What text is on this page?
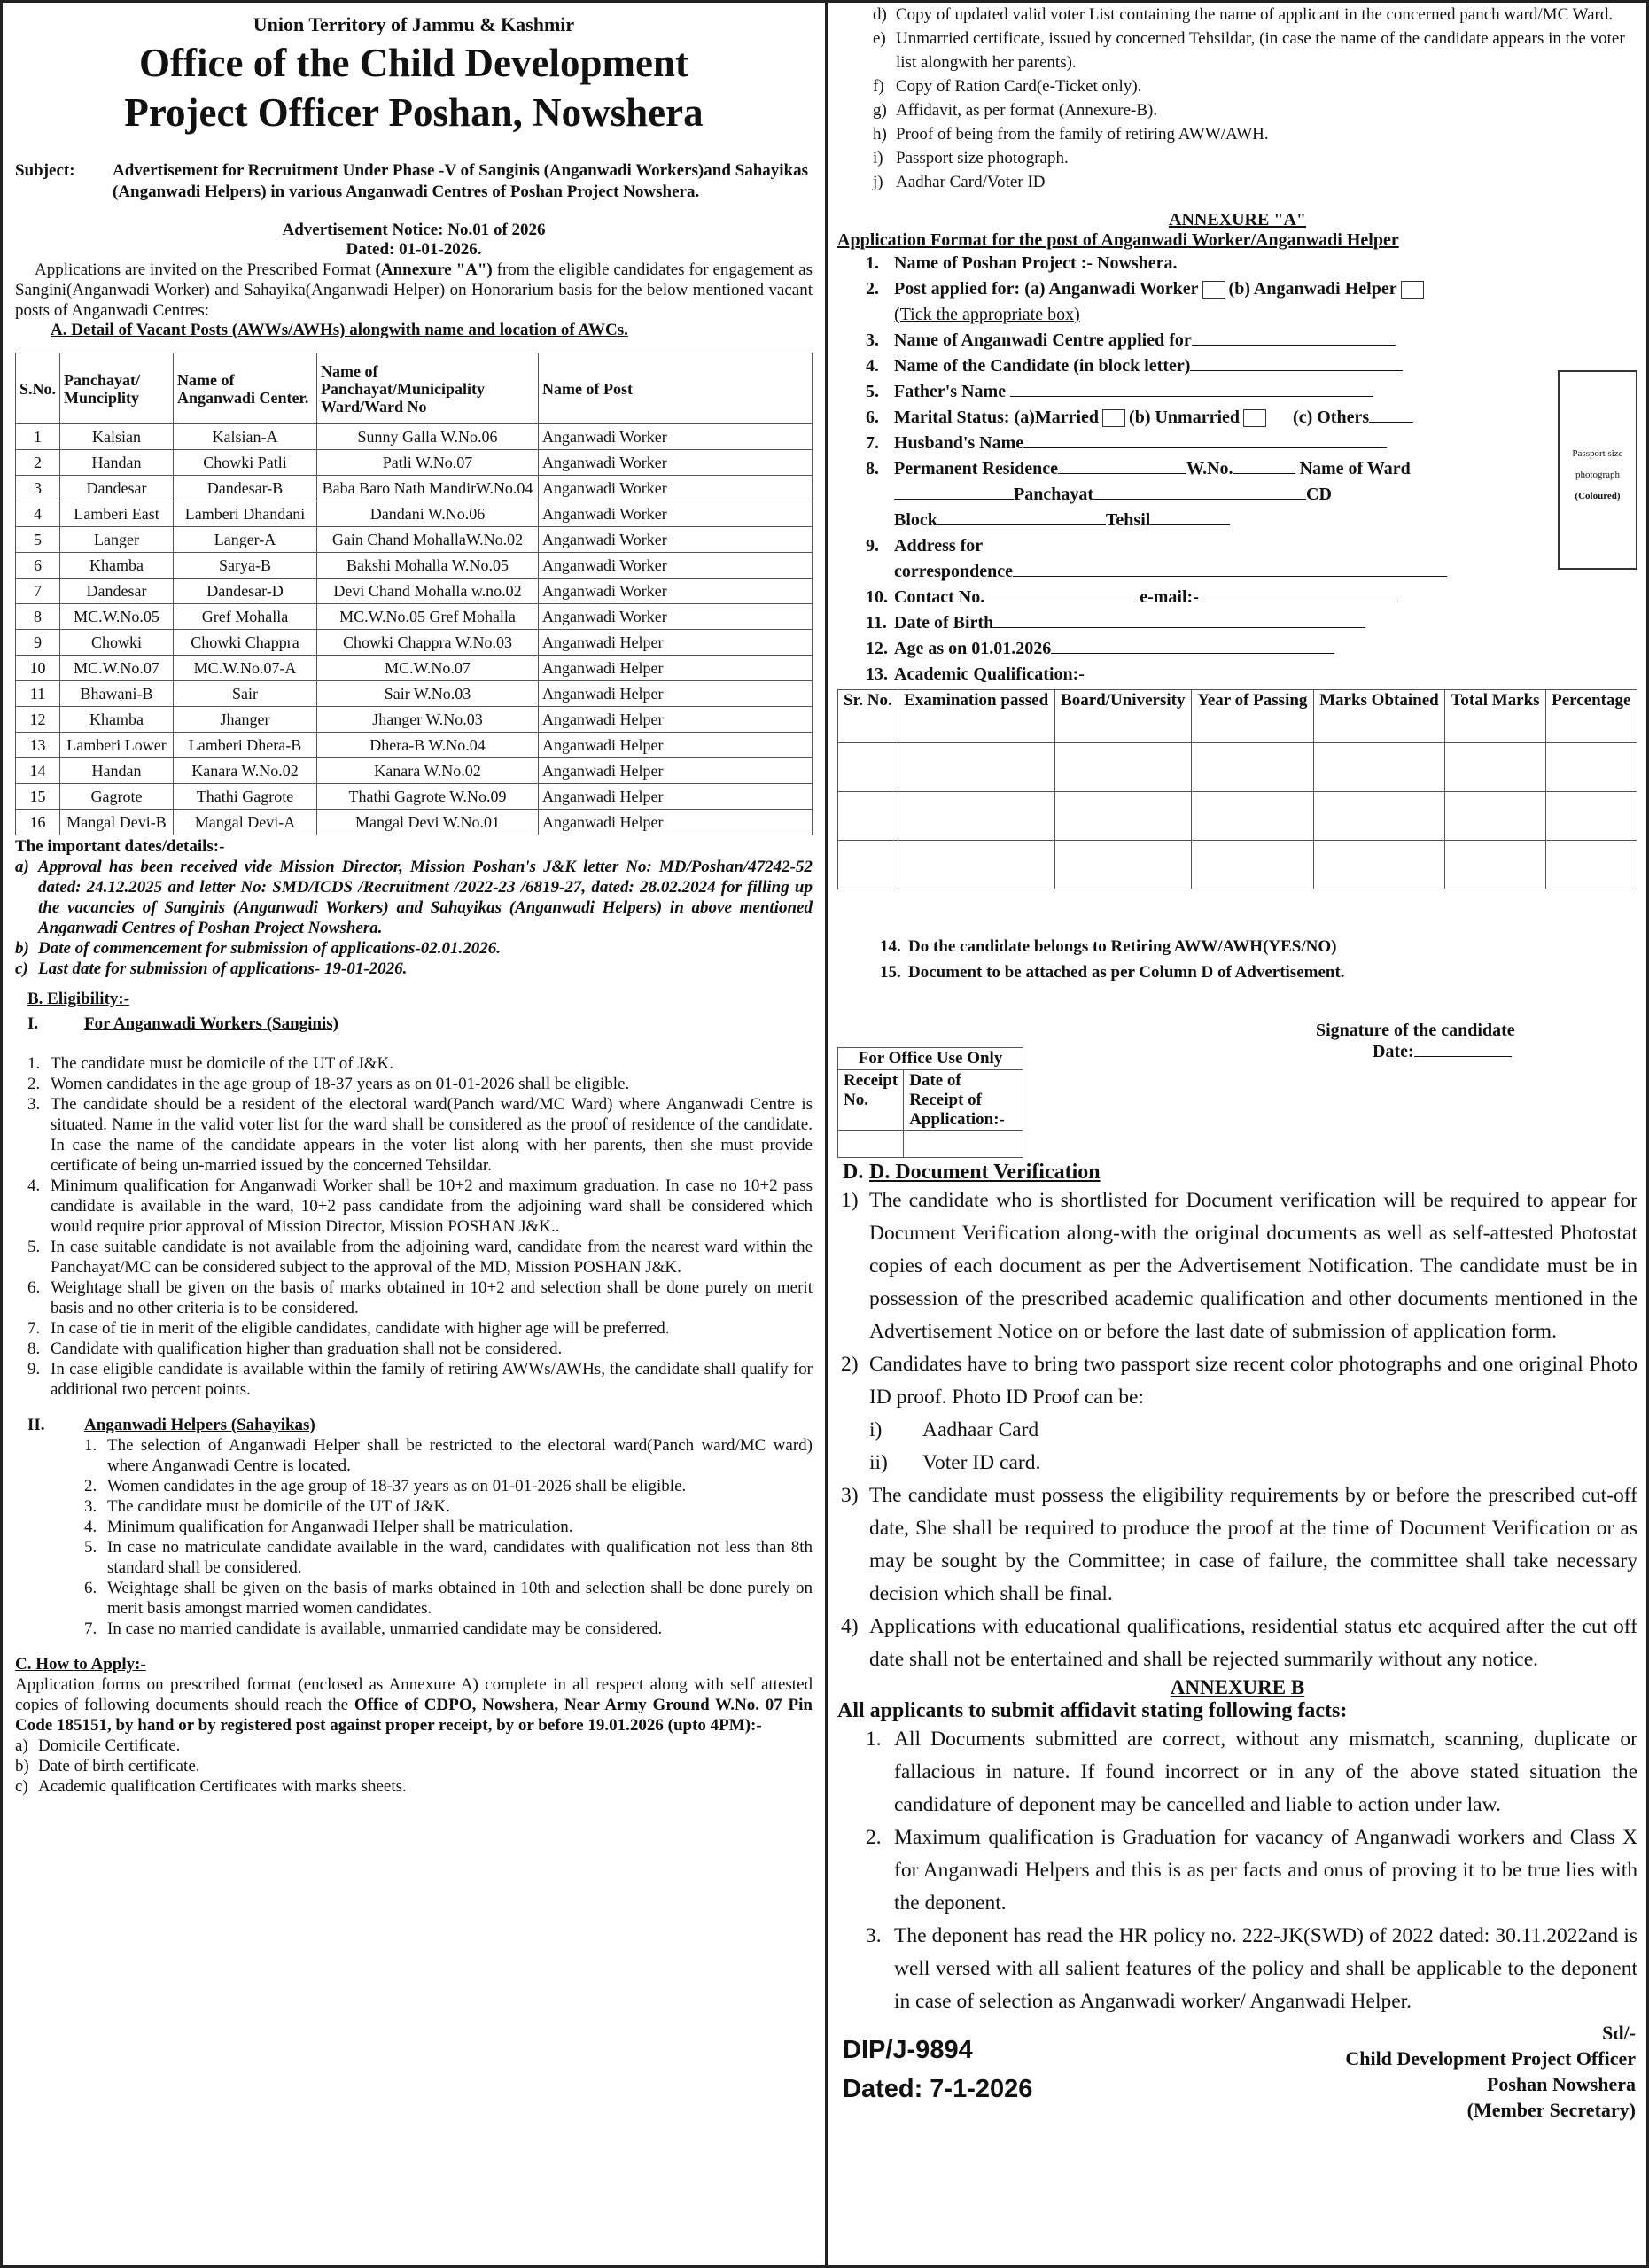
Union Territory of Jammu & Kashmir
Office of the Child Development
Project Officer Poshan, Nowshera
Subject:	Advertisement for Recruitment Under Phase -V of Sanginis (Anganwadi Workers)and Sahayikas (Anganwadi Helpers) in various Anganwadi Centres of Poshan Project Nowshera.
Advertisement Notice: No.01 of 2026
Dated: 01-01-2026.
Applications are invited on the Prescribed Format (Annexure "A") from the eligible candidates for engagement as Sangini(Anganwadi Worker) and Sahayika(Anganwadi Helper) on Honorarium basis for the below mentioned vacant posts of Anganwadi Centres:
A. Detail of Vacant Posts (AWWs/AWHs) alongwith name and location of AWCs.
S.No.	Panchayat/ Munciplity	Name of Anganwadi Center.	Name of Panchayat/Municipality Ward/Ward No	Name of Post
1	Kalsian	Kalsian-A	Sunny Galla W.No.06	Anganwadi Worker
2	Handan	Chowki Patli	Patli W.No.07	Anganwadi Worker
3	Dandesar	Dandesar-B	Baba Baro Nath MandirW.No.04	Anganwadi Worker
4	Lamberi East	Lamberi Dhandani	Dandani W.No.06	Anganwadi Worker
5	Langer	Langer-A	Gain Chand MohallaW.No.02	Anganwadi Worker
6	Khamba	Sarya-B	Bakshi Mohalla W.No.05	Anganwadi Worker
7	Dandesar	Dandesar-D	Devi Chand Mohalla w.no.02	Anganwadi Worker
8	MC.W.No.05	Gref Mohalla	MC.W.No.05 Gref Mohalla	Anganwadi Worker
9	Chowki	Chowki Chappra	Chowki Chappra W.No.03	Anganwadi Helper
10	MC.W.No.07	MC.W.No.07-A	MC.W.No.07	Anganwadi Helper
11	Bhawani-B	Sair	Sair W.No.03	Anganwadi Helper
12	Khamba	Jhanger	Jhanger W.No.03	Anganwadi Helper
13	Lamberi Lower	Lamberi Dhera-B	Dhera-B W.No.04	Anganwadi Helper
14	Handan	Kanara W.No.02	Kanara W.No.02	Anganwadi Helper
15	Gagrote	Thathi Gagrote	Thathi Gagrote W.No.09	Anganwadi Helper
16	Mangal Devi-B	Mangal Devi-A	Mangal Devi W.No.01	Anganwadi Helper
The important dates/details:-
a) Approval has been received vide Mission Director, Mission Poshan's J&K letter No: MD/Poshan/47242-52 dated: 24.12.2025 and letter No: SMD/ICDS /Recruitment /2022-23 /6819-27, dated: 28.02.2024 for filling up the vacancies of Sanginis (Anganwadi Workers) and Sahayikas (Anganwadi Helpers) in above mentioned Anganwadi Centres of Poshan Project Nowshera.
b) Date of commencement for submission of applications-02.01.2026.
c) Last date for submission of applications- 19-01-2026.
B. Eligibility:-
I.	For Anganwadi Workers (Sanginis)
1. The candidate must be domicile of the UT of J&K.
2. Women candidates in the age group of 18-37 years as on 01-01-2026 shall be eligible.
3. The candidate should be a resident of the electoral ward(Panch ward/MC Ward) where Anganwadi Centre is situated. Name in the valid voter list for the ward shall be considered as the proof of residence of the candidate. In case the name of the candidate appears in the voter list along with her parents, then she must provide certificate of being un-married issued by the concerned Tehsildar.
4. Minimum qualification for Anganwadi Worker shall be 10+2 and maximum graduation. In case no 10+2 pass candidate is available in the ward, 10+2 pass candidate from the adjoining ward shall be considered which would require prior approval of Mission Director, Mission POSHAN J&K..
5. In case suitable candidate is not available from the adjoining ward, candidate from the nearest ward within the Panchayat/MC can be considered subject to the approval of the MD, Mission POSHAN J&K.
6. Weightage shall be given on the basis of marks obtained in 10+2 and selection shall be done purely on merit basis and no other criteria is to be considered.
7. In case of tie in merit of the eligible candidates, candidate with higher age will be preferred.
8. Candidate with qualification higher than graduation shall not be considered.
9. In case eligible candidate is available within the family of retiring AWWs/AWHs, the candidate shall qualify for additional two percent points.
II.	Anganwadi Helpers (Sahayikas)
1. The selection of Anganwadi Helper shall be restricted to the electoral ward(Panch ward/MC ward) where Anganwadi Centre is located.
2. Women candidates in the age group of 18-37 years as on 01-01-2026 shall be eligible.
3. The candidate must be domicile of the UT of J&K.
4. Minimum qualification for Anganwadi Helper shall be matriculation.
5. In case no matriculate candidate available in the ward, candidates with qualification not less than 8th standard shall be considered.
6. Weightage shall be given on the basis of marks obtained in 10th and selection shall be done purely on merit basis amongst married women candidates.
7. In case no married candidate is available, unmarried candidate may be considered.
C. How to Apply:-
Application forms on prescribed format (enclosed as Annexure A) complete in all respect along with self attested copies of following documents should reach the Office of CDPO, Nowshera, Near Army Ground W.No. 07 Pin Code 185151, by hand or by registered post against proper receipt, by or before 19.01.2026 (upto 4PM):-
a) Domicile Certificate.
b) Date of birth certificate.
c) Academic qualification Certificates with marks sheets.
d) Copy of updated valid voter List containing the name of applicant in the concerned panch ward/MC Ward.
e) Unmarried certificate, issued by concerned Tehsildar, (in case the name of the candidate appears in the voter list alongwith her parents).
f) Copy of Ration Card(e-Ticket only).
g) Affidavit, as per format (Annexure-B).
h) Proof of being from the family of retiring AWW/AWH.
i) Passport size photograph.
j) Aadhar Card/Voter ID
ANNEXURE "A"
Application Format for the post of Anganwadi Worker/Anganwadi Helper
Passport size
photograph
(Coloured)
1. Name of Poshan Project :- Nowshera.
2. Post applied for: (a) Anganwadi Worker (b) Anganwadi Helper
(Tick the appropriate box)
3. Name of Anganwadi Centre applied for
4. Name of the Candidate (in block letter)
5. Father's Name
6. Marital Status: (a)Married (b) Unmarried	(c) Others
7. Husband's Name
8. Permanent Residence	W.No.	Name of Ward
Panchayat	CD
Block	Tehsil
9. Address for
correspondence
10. Contact No.	e-mail:-
11. Date of Birth
12. Age as on 01.01.2026
13. Academic Qualification:-
Sr. No.	Examination passed	Board/University	Year of Passing	Marks Obtained	Total Marks	Percentage

14. Do the candidate belongs to Retiring AWW/AWH(YES/NO)
15. Document to be attached as per Column D of Advertisement.
For Office Use Only	
Receipt No.	Date of Receipt of Application:-

Signature of the candidate
Date:
D. D. Document Verification
1) The candidate who is shortlisted for Document verification will be required to appear for Document Verification along-with the original documents as well as self-attested Photostat copies of each document as per the Advertisement Notification. The candidate must be in possession of the prescribed academic qualification and other documents mentioned in the Advertisement Notice on or before the last date of submission of application form.
2) Candidates have to bring two passport size recent color photographs and one original Photo ID proof. Photo ID Proof can be:
i)	Aadhaar Card
ii)	Voter ID card.
3) The candidate must possess the eligibility requirements by or before the prescribed cut-off date, She shall be required to produce the proof at the time of Document Verification or as may be sought by the Committee; in case of failure, the committee shall take necessary decision which shall be final.
4) Applications with educational qualifications, residential status etc acquired after the cut off date shall not be entertained and shall be rejected summarily without any notice.
ANNEXURE B
All applicants to submit affidavit stating following facts:
1. All Documents submitted are correct, without any mismatch, scanning, duplicate or fallacious in nature. If found incorrect or in any of the above stated situation the candidature of deponent may be cancelled and liable to action under law.
2. Maximum qualification is Graduation for vacancy of Anganwadi workers and Class X for Anganwadi Helpers and this is as per facts and onus of proving it to be true lies with the deponent.
3. The deponent has read the HR policy no. 222-JK(SWD) of 2022 dated: 30.11.2022and is well versed with all salient features of the policy and shall be applicable to the deponent in case of selection as Anganwadi worker/ Anganwadi Helper.
DIP/J-9894
Dated: 7-1-2026
Sd/-
Child Development Project Officer
Poshan Nowshera
(Member Secretary)
